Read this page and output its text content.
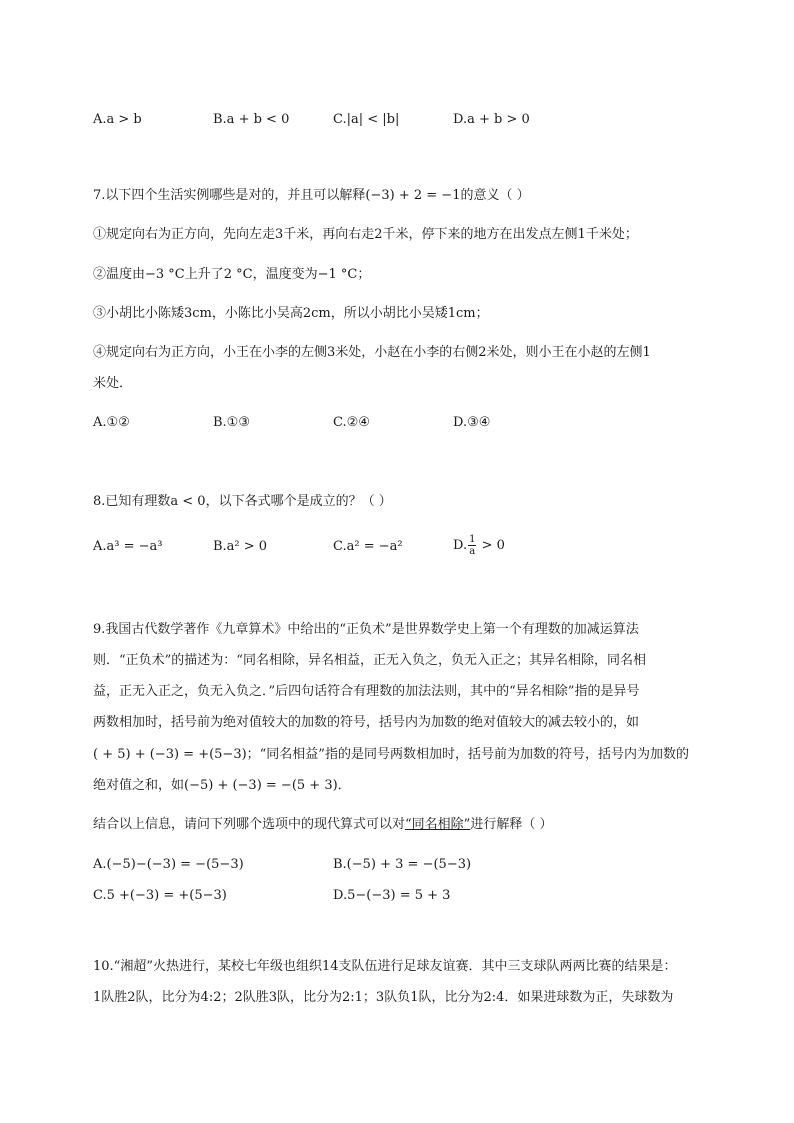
A.a > b	B.a + b < 0	C.|a| < |b|	D.a + b > 0
7.以下四个生活实例哪些是对的，并且可以解释(−3) + 2 = −1的意义（ ）
①规定向右为正方向，先向左走3千米，再向右走2千米，停下来的地方在出发点左侧1千米处；
②温度由−3 °C上升了2 °C，温度变为−1 °C；
③小胡比小陈矮3cm，小陈比小吴高2cm，所以小胡比小吴矮1cm；
④规定向右为正方向，小王在小李的左侧3米处，小赵在小李的右侧2米处，则小王在小赵的左侧1
米处．
A.①②	B.①③	C.②④	D.③④
8.已知有理数a < 0，以下各式哪个是成立的？（ ）
A.a³ = −a³	B.a² > 0	C.a² = −a²	D. $\frac{1}{a} > 0$
9.我国古代数学著作《九章算术》中给出的“正负术”是世界数学史上第一个有理数的加减运算法
则．“正负术”的描述为：“同名相除，异名相益，正无入负之，负无入正之；其异名相除，同名相
益，正无入正之，负无入负之．”后四句话符合有理数的加法法则，其中的“异名相除”指的是异号
两数相加时，括号前为绝对值较大的加数的符号，括号内为加数的绝对值较大的减去较小的，如
( + 5) + (−3) = +(5−3)；“同名相益”指的是同号两数相加时，括号前为加数的符号，括号内为加数的
绝对值之和，如(−5) + (−3) = −(5 + 3)．
结合以上信息，请问下列哪个选项中的现代算式可以对“同名相除”进行解释（ ）
A.(−5)−(−3) = −(5−3)	B.(−5) + 3 = −(5−3)
C.5 +(−3) = +(5−3)	D.5−(−3) = 5 + 3
10.“湘超”火热进行，某校七年级也组织14支队伍进行足球友谊赛．其中三支球队两两比赛的结果是：
1队胜2队，比分为4:2；2队胜3队，比分为2:1；3队负1队，比分为2:4．如果进球数为正，失球数为
